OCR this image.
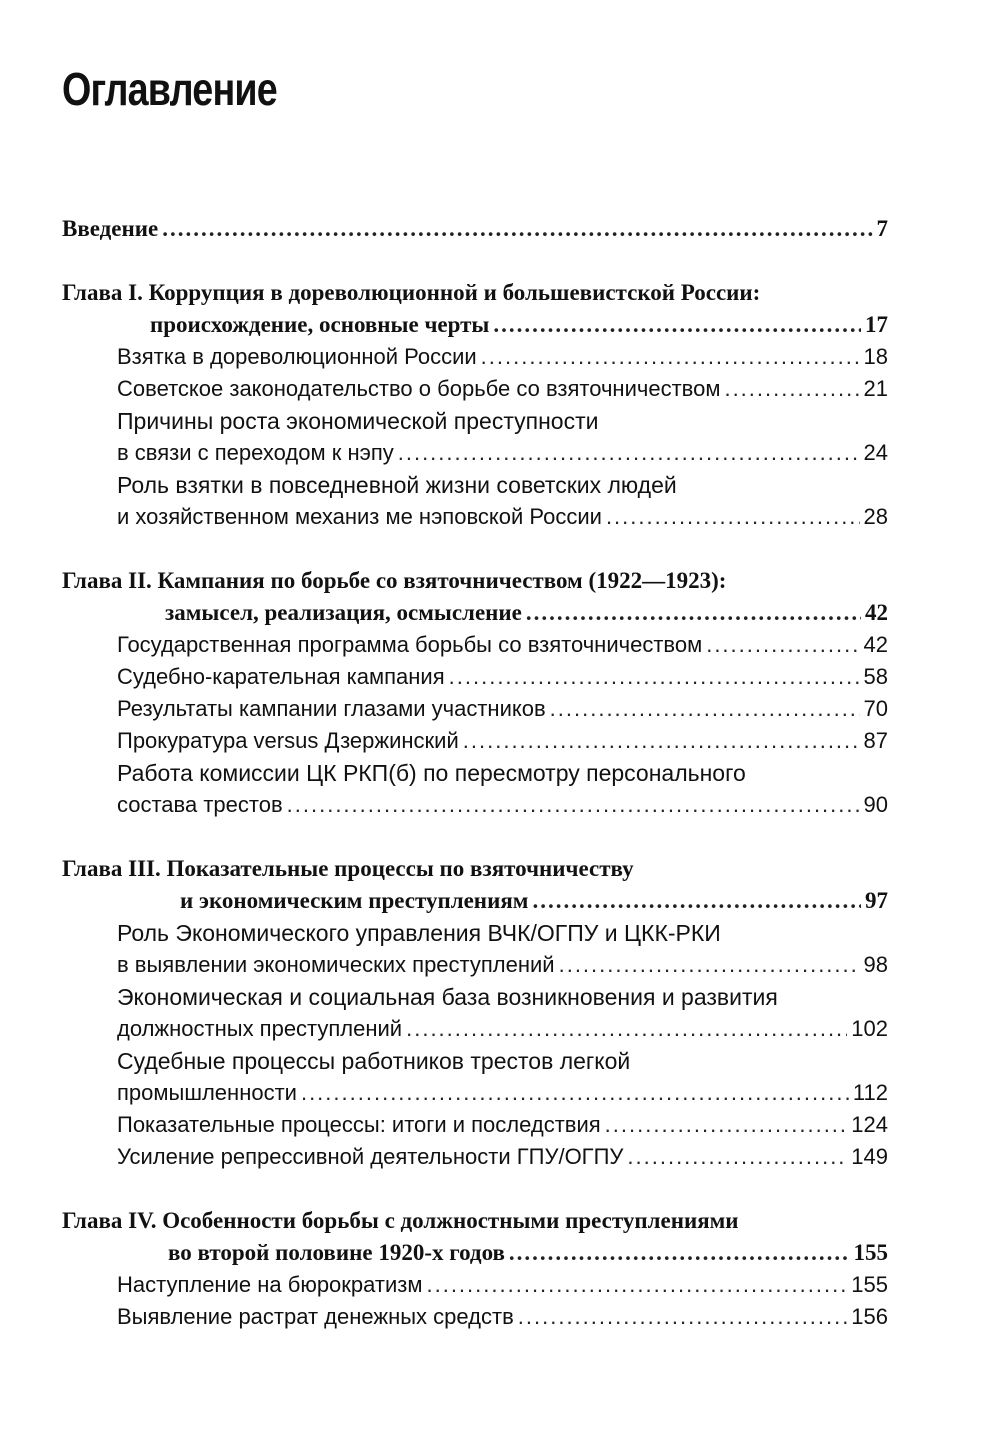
Оглавление
Введение .....	7
Глава I. Коррупция в дореволюционной и большевистской России:
происхождение, основные черты .....	17
Взятка в дореволюционной России .....	18
Советское законодательство о борьбе со взяточничеством .....	21
Причины роста экономической преступности
в связи с переходом к нэпу .....	24
Роль взятки в повседневной жизни советских людей
и хозяйственном механиз ме нэповской России .....	28
Глава II. Кампания по борьбе со взяточничеством (1922—1923):
замысел, реализация, осмысление .....	42
Государственная программа борьбы со взяточничеством .....	42
Судебно-карательная кампания .....	58
Результаты кампании глазами участников .....	70
Прокуратура versus Дзержинский .....	87
Работа комиссии ЦК РКП(б) по пересмотру персонального
состава трестов .....	90
Глава III. Показательные процессы по взяточничеству
и экономическим преступлениям .....	97
Роль Экономического управления ВЧК/ОГПУ и ЦКК-РКИ
в выявлении экономических преступлений .....	98
Экономическая и социальная база возникновения и развития
должностных преступлений .....	102
Судебные процессы работников трестов легкой
промышленности .....	112
Показательные процессы: итоги и последствия .....	124
Усиление репрессивной деятельности ГПУ/ОГПУ .....	149
Глава IV. Особенности борьбы с должностными преступлениями
во второй половине 1920-х годов .....	155
Наступление на бюрократизм .....	155
Выявление растрат денежных средств .....	156
